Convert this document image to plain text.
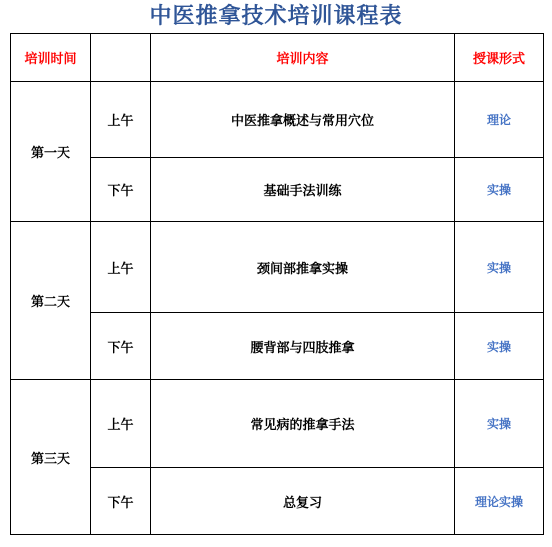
中医推拿技术培训课程表
培训时间		培训内容	授课形式
第一天	上午	中医推拿概述与常用穴位	理论
	下午	基础手法训练	实操
第二天	上午	颈间部推拿实操	实操
	下午	腰背部与四肢推拿	实操
第三天	上午	常见病的推拿手法	实操
	下午	总复习	理论实操
